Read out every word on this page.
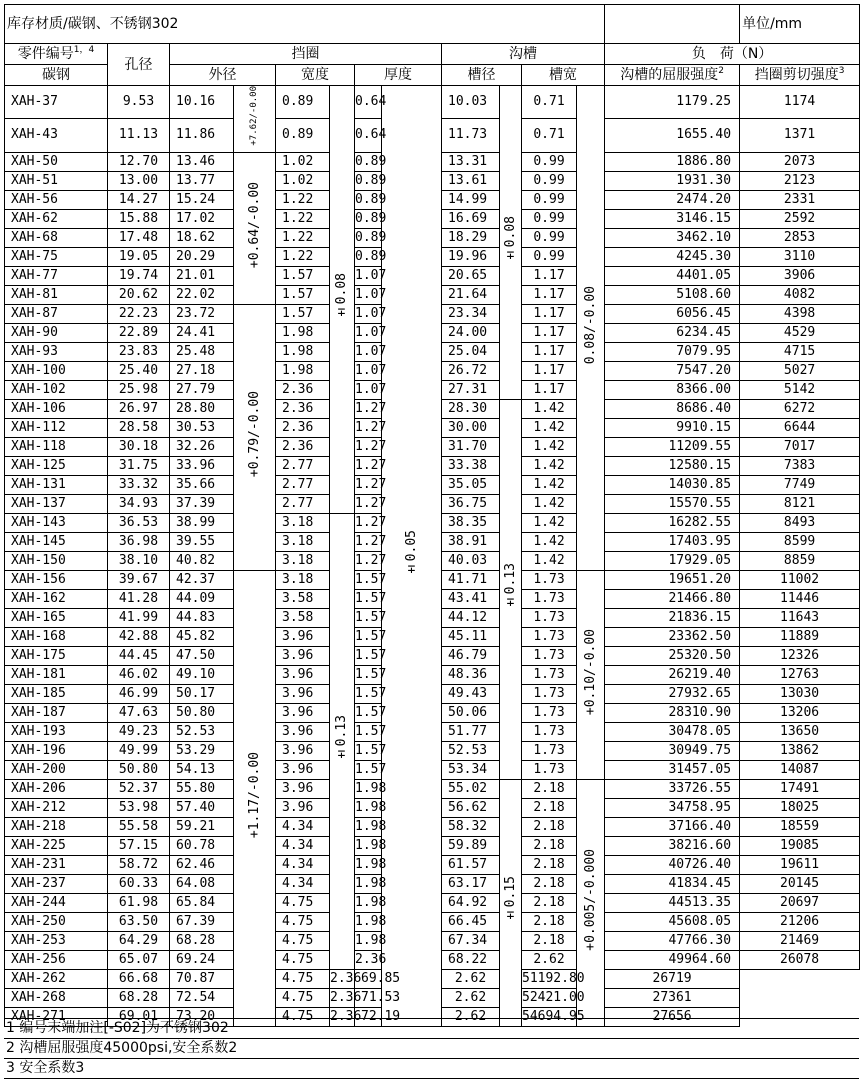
库存材质/碳钢、不锈钢302													单位/mm
零件编号$^{1,4}$	孔径	挡圈						沟槽				负　荷（N）	
碳钢		外径		宽度		厚度		槽径		槽宽		沟槽的屈服强度$^2$	挡圈剪切强度$^3$
XAH-37	9.53	10.16	+7.62/-0.00	0.89	±0.08	0.64	±0.05	10.03	±0.08	0.71	0.08/-0.00	1179.25	1174
XAH-43	11.13	11.86		0.89		0.64		11.73		0.71		1655.40	1371
XAH-50	12.70	13.46	+0.64/-0.00	1.02		0.89		13.31		0.99		1886.80	2073
XAH-51	13.00	13.77		1.02		0.89		13.61		0.99		1931.30	2123
XAH-56	14.27	15.24		1.22		0.89		14.99		0.99		2474.20	2331
XAH-62	15.88	17.02		1.22		0.89		16.69		0.99		3146.15	2592
XAH-68	17.48	18.62		1.22		0.89		18.29		0.99		3462.10	2853
XAH-75	19.05	20.29		1.22		0.89		19.96		0.99		4245.30	3110
XAH-77	19.74	21.01		1.57		1.07		20.65		1.17		4401.05	3906
XAH-81	20.62	22.02		1.57		1.07		21.64		1.17		5108.60	4082
XAH-87	22.23	23.72	+0.79/-0.00	1.57		1.07		23.34		1.17		6056.45	4398
XAH-90	22.89	24.41		1.98		1.07		24.00		1.17		6234.45	4529
XAH-93	23.83	25.48		1.98		1.07		25.04		1.17		7079.95	4715
XAH-100	25.40	27.18		1.98		1.07		26.72		1.17		7547.20	5027
XAH-102	25.98	27.79		2.36		1.07		27.31		1.17		8366.00	5142
XAH-106	26.97	28.80		2.36		1.27		28.30	±0.13	1.42		8686.40	6272
XAH-112	28.58	30.53		2.36		1.27		30.00		1.42		9910.15	6644
XAH-118	30.18	32.26		2.36		1.27		31.70		1.42		11209.55	7017
XAH-125	31.75	33.96		2.77		1.27		33.38		1.42		12580.15	7383
XAH-131	33.32	35.66		2.77		1.27		35.05		1.42		14030.85	7749
XAH-137	34.93	37.39		2.77		1.27		36.75		1.42		15570.55	8121
XAH-143	36.53	38.99		3.18	±0.13	1.27		38.35		1.42		16282.55	8493
XAH-145	36.98	39.55		3.18		1.27		38.91		1.42		17403.95	8599
XAH-150	38.10	40.82		3.18		1.27		40.03		1.42		17929.05	8859
XAH-156	39.67	42.37	+1.17/-0.00	3.18		1.57		41.71		1.73	+0.10/-0.00	19651.20	11002
XAH-162	41.28	44.09		3.58		1.57		43.41		1.73		21466.80	11446
XAH-165	41.99	44.83		3.58		1.57		44.12		1.73		21836.15	11643
XAH-168	42.88	45.82		3.96		1.57		45.11		1.73		23362.50	11889
XAH-175	44.45	47.50		3.96		1.57		46.79		1.73		25320.50	12326
XAH-181	46.02	49.10		3.96		1.57		48.36		1.73		26219.40	12763
XAH-185	46.99	50.17		3.96		1.57		49.43		1.73		27932.65	13030
XAH-187	47.63	50.80		3.96		1.57		50.06		1.73		28310.90	13206
XAH-193	49.23	52.53		3.96		1.57		51.77		1.73		30478.05	13650
XAH-196	49.99	53.29		3.96		1.57		52.53		1.73		30949.75	13862
XAH-200	50.80	54.13		3.96		1.57		53.34		1.73		31457.05	14087
XAH-206	52.37	55.80		3.96		1.98		55.02	±0.15	2.18	+0.005/-0.000	33726.55	17491
XAH-212	53.98	57.40		3.96		1.98		56.62		2.18		34758.95	18025
XAH-218	55.58	59.21		4.34		1.98		58.32		2.18		37166.40	18559
XAH-225	57.15	60.78		4.34		1.98		59.89		2.18		38216.60	19085
XAH-231	58.72	62.46		4.34		1.98		61.57		2.18		40726.40	19611
XAH-237	60.33	64.08		4.34		1.98		63.17		2.18		41834.45	20145
XAH-244	61.98	65.84		4.75		1.98		64.92		2.18		44513.35	20697
XAH-250	63.50	67.39		4.75		1.98		66.45		2.18		45608.05	21206
XAH-253	64.29	68.28		4.75		1.98		67.34		2.18		47766.30	21469
XAH-256	65.07	69.24		4.75		2.36		68.22		2.62		49964.60	26078
XAH-262	66.68	70.87		4.75	2.36	69.85		2.62		51192.80		26719	
XAH-268	68.28	72.54		4.75	2.36	71.53		2.62		52421.00		27361	
XAH-271	69.01	73.20		4.75	2.36	72.19		2.62		54694.95		27656	
1 编号末端加注[-S02]为不锈钢302
2 沟槽屈服强度45000psi,安全系数2
3 安全系数3
